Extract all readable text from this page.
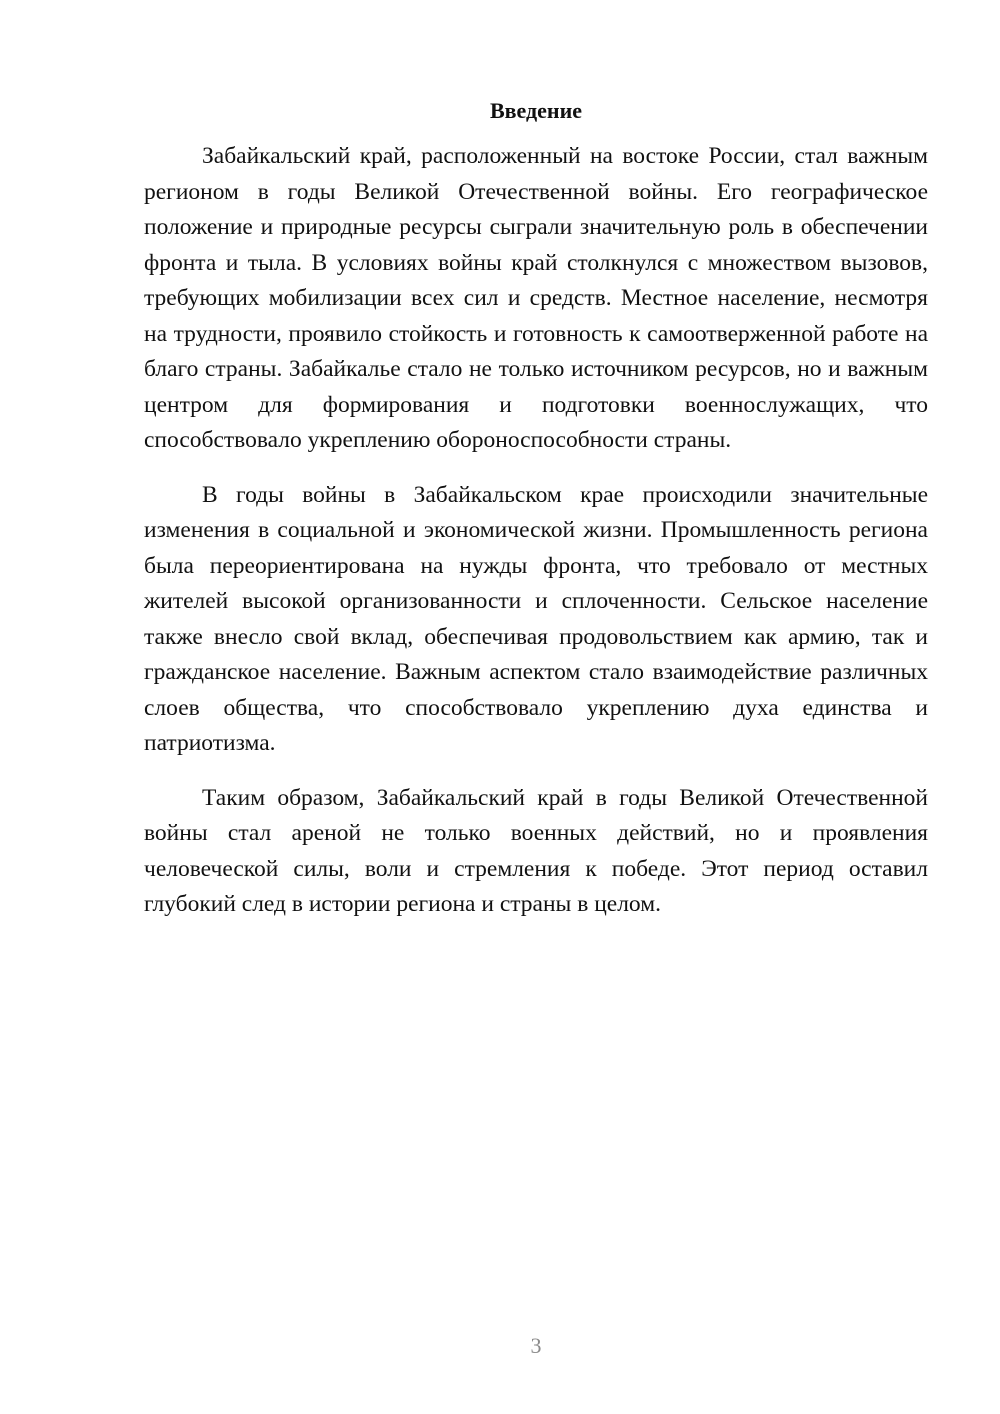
Введение

Забайкальский край, расположенный на востоке России, стал важным регионом в годы Великой Отечественной войны. Его географическое положение и природные ресурсы сыграли значительную роль в обеспечении фронта и тыла. В условиях войны край столкнулся с множеством вызовов, требующих мобилизации всех сил и средств. Местное население, несмотря на трудности, проявило стойкость и готовность к самоотверженной работе на благо страны. Забайкалье стало не только источником ресурсов, но и важным центром для формирования и подготовки военнослужащих, что способствовало укреплению обороноспособности страны.

В годы войны в Забайкальском крае происходили значительные изменения в социальной и экономической жизни. Промышленность региона была переориентирована на нужды фронта, что требовало от местных жителей высокой организованности и сплоченности. Сельское население также внесло свой вклад, обеспечивая продовольствием как армию, так и гражданское население. Важным аспектом стало взаимодействие различных слоев общества, что способствовало укреплению духа единства и патриотизма.

Таким образом, Забайкальский край в годы Великой Отечественной войны стал ареной не только военных действий, но и проявления человеческой силы, воли и стремления к победе. Этот период оставил глубокий след в истории региона и страны в целом.

3
